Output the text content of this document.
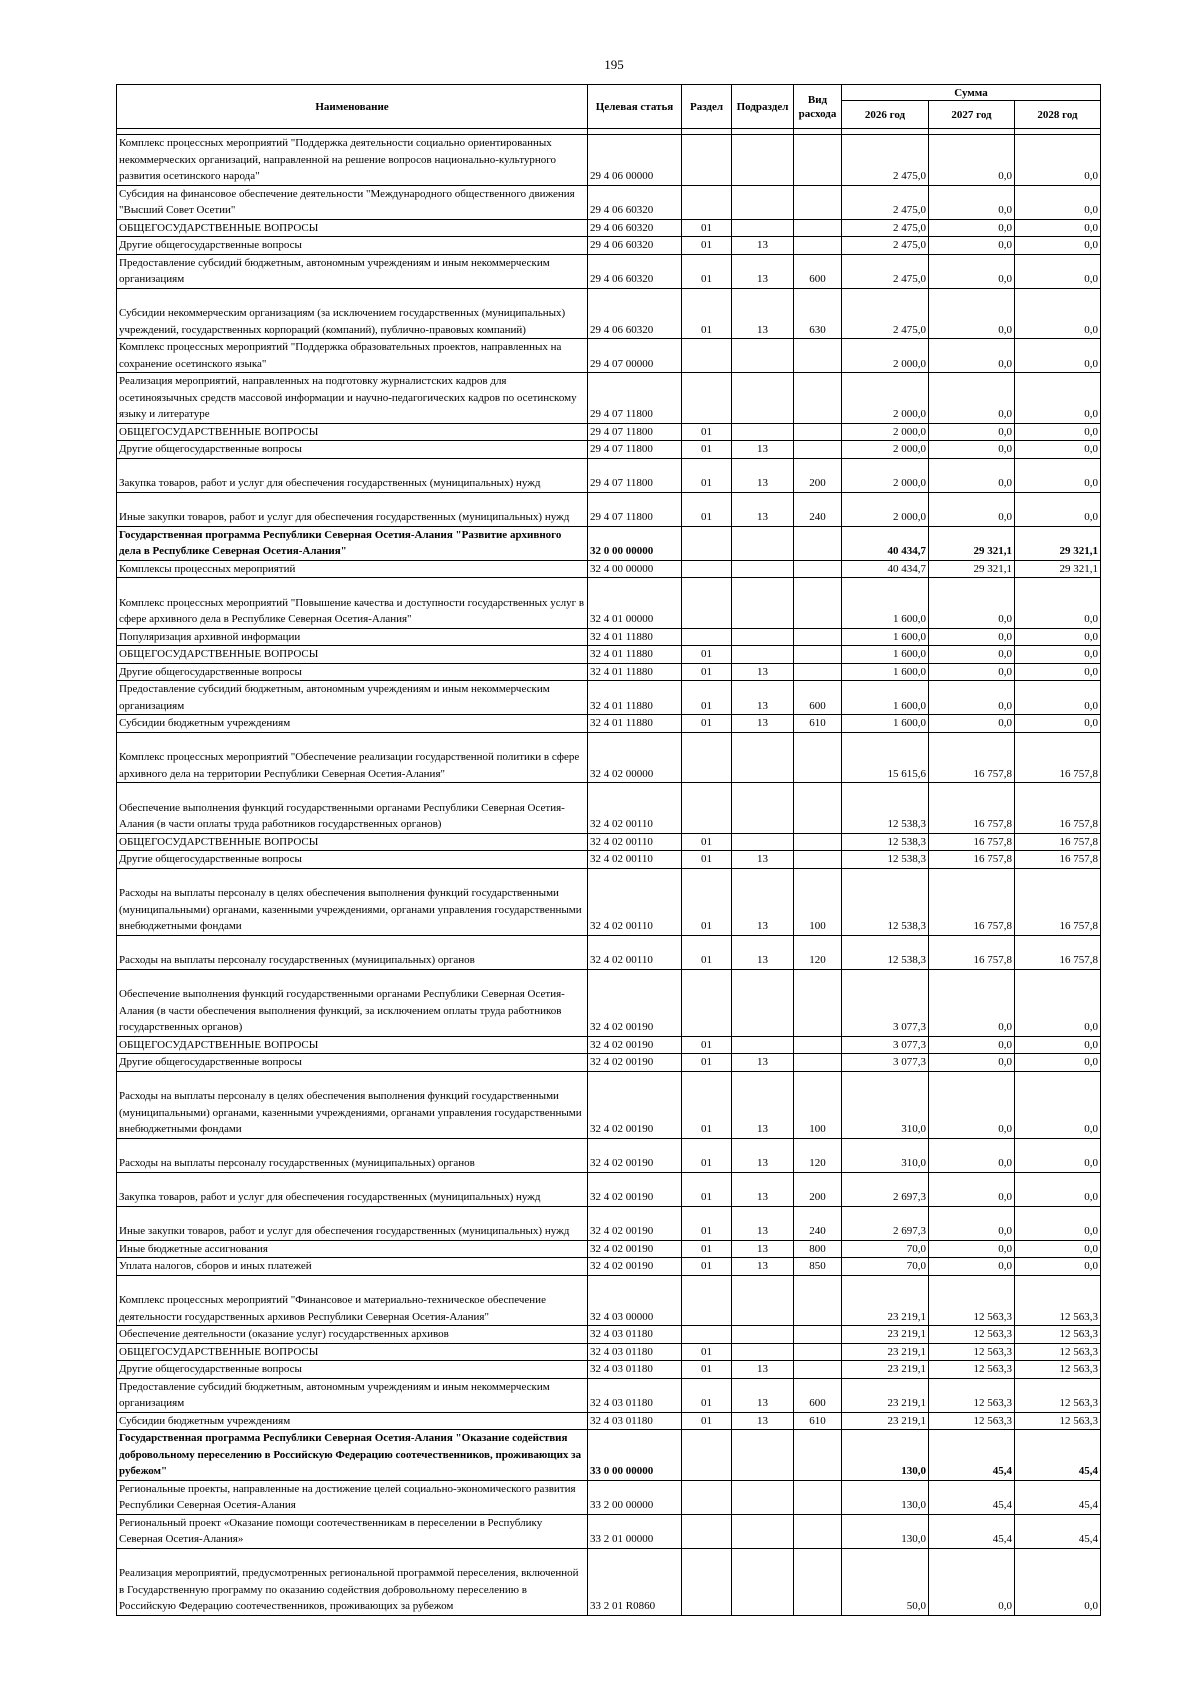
195
Наименование	Целевая статья	Раздел	Подраздел	Вид расхода	Сумма		
					2026 год	2027 год	2028 год

Комплекс процессных мероприятий "Поддержка деятельности социально ориентированных некоммерческих организаций, направленной на решение вопросов национально-культурного развития осетинского народа"	29 4 06 00000				2 475,0	0,0	0,0
Субсидия на финансовое обеспечение деятельности "Международного общественного движения "Высший Совет Осетии"	29 4 06 60320				2 475,0	0,0	0,0
ОБЩЕГОСУДАРСТВЕННЫЕ ВОПРОСЫ	29 4 06 60320	01			2 475,0	0,0	0,0
Другие общегосударственные вопросы	29 4 06 60320	01	13		2 475,0	0,0	0,0
Предоставление субсидий бюджетным, автономным учреждениям и иным некоммерческим организациям	29 4 06 60320	01	13	600	2 475,0	0,0	0,0
Субсидии некоммерческим организациям (за исключением государственных (муниципальных) учреждений, государственных корпораций (компаний), публично-правовых компаний)	29 4 06 60320	01	13	630	2 475,0	0,0	0,0
Комплекс процессных мероприятий "Поддержка образовательных проектов, направленных на сохранение осетинского языка"	29 4 07 00000				2 000,0	0,0	0,0
Реализация мероприятий, направленных на подготовку журналистских кадров для осетиноязычных средств массовой информации и научно-педагогических кадров по осетинскому языку и литературе	29 4 07 11800				2 000,0	0,0	0,0
ОБЩЕГОСУДАРСТВЕННЫЕ ВОПРОСЫ	29 4 07 11800	01			2 000,0	0,0	0,0
Другие общегосударственные вопросы	29 4 07 11800	01	13		2 000,0	0,0	0,0
Закупка товаров, работ и услуг для обеспечения государственных (муниципальных) нужд	29 4 07 11800	01	13	200	2 000,0	0,0	0,0
Иные закупки товаров, работ и услуг для обеспечения государственных (муниципальных) нужд	29 4 07 11800	01	13	240	2 000,0	0,0	0,0
Государственная программа Республики Северная Осетия-Алания "Развитие архивного дела в Республике Северная Осетия-Алания"	32 0 00 00000				40 434,7	29 321,1	29 321,1
Комплексы процессных мероприятий	32 4 00 00000				40 434,7	29 321,1	29 321,1
Комплекс процессных мероприятий "Повышение качества и доступности государственных услуг в сфере архивного дела в Республике Северная Осетия-Алания"	32 4 01 00000				1 600,0	0,0	0,0
Популяризация архивной информации	32 4 01 11880				1 600,0	0,0	0,0
ОБЩЕГОСУДАРСТВЕННЫЕ ВОПРОСЫ	32 4 01 11880	01			1 600,0	0,0	0,0
Другие общегосударственные вопросы	32 4 01 11880	01	13		1 600,0	0,0	0,0
Предоставление субсидий бюджетным, автономным учреждениям и иным некоммерческим организациям	32 4 01 11880	01	13	600	1 600,0	0,0	0,0
Субсидии бюджетным учреждениям	32 4 01 11880	01	13	610	1 600,0	0,0	0,0
Комплекс процессных мероприятий "Обеспечение реализации государственной политики в сфере архивного дела на территории Республики Северная Осетия-Алания"	32 4 02 00000				15 615,6	16 757,8	16 757,8
Обеспечение выполнения функций государственными органами Республики Северная Осетия-Алания (в части оплаты труда работников государственных органов)	32 4 02 00110				12 538,3	16 757,8	16 757,8
ОБЩЕГОСУДАРСТВЕННЫЕ ВОПРОСЫ	32 4 02 00110	01			12 538,3	16 757,8	16 757,8
Другие общегосударственные вопросы	32 4 02 00110	01	13		12 538,3	16 757,8	16 757,8
Расходы на выплаты персоналу в целях обеспечения выполнения функций государственными (муниципальными) органами, казенными учреждениями, органами управления государственными внебюджетными фондами	32 4 02 00110	01	13	100	12 538,3	16 757,8	16 757,8
Расходы на выплаты персоналу государственных (муниципальных) органов	32 4 02 00110	01	13	120	12 538,3	16 757,8	16 757,8
Обеспечение выполнения функций государственными органами Республики Северная Осетия-Алания (в части обеспечения выполнения функций, за исключением оплаты труда работников государственных органов)	32 4 02 00190				3 077,3	0,0	0,0
ОБЩЕГОСУДАРСТВЕННЫЕ ВОПРОСЫ	32 4 02 00190	01			3 077,3	0,0	0,0
Другие общегосударственные вопросы	32 4 02 00190	01	13		3 077,3	0,0	0,0
Расходы на выплаты персоналу в целях обеспечения выполнения функций государственными (муниципальными) органами, казенными учреждениями, органами управления государственными внебюджетными фондами	32 4 02 00190	01	13	100	310,0	0,0	0,0
Расходы на выплаты персоналу государственных (муниципальных) органов	32 4 02 00190	01	13	120	310,0	0,0	0,0
Закупка товаров, работ и услуг для обеспечения государственных (муниципальных) нужд	32 4 02 00190	01	13	200	2 697,3	0,0	0,0
Иные закупки товаров, работ и услуг для обеспечения государственных (муниципальных) нужд	32 4 02 00190	01	13	240	2 697,3	0,0	0,0
Иные бюджетные ассигнования	32 4 02 00190	01	13	800	70,0	0,0	0,0
Уплата налогов, сборов и иных платежей	32 4 02 00190	01	13	850	70,0	0,0	0,0
Комплекс процессных мероприятий "Финансовое и материально-техническое обеспечение деятельности государственных архивов Республики Северная Осетия-Алания"	32 4 03 00000				23 219,1	12 563,3	12 563,3
Обеспечение деятельности (оказание услуг) государственных архивов	32 4 03 01180				23 219,1	12 563,3	12 563,3
ОБЩЕГОСУДАРСТВЕННЫЕ ВОПРОСЫ	32 4 03 01180	01			23 219,1	12 563,3	12 563,3
Другие общегосударственные вопросы	32 4 03 01180	01	13		23 219,1	12 563,3	12 563,3
Предоставление субсидий бюджетным, автономным учреждениям и иным некоммерческим организациям	32 4 03 01180	01	13	600	23 219,1	12 563,3	12 563,3
Субсидии бюджетным учреждениям	32 4 03 01180	01	13	610	23 219,1	12 563,3	12 563,3
Государственная программа Республики Северная Осетия-Алания "Оказание содействия добровольному переселению в Российскую Федерацию соотечественников, проживающих за рубежом"	33 0 00 00000				130,0	45,4	45,4
Региональные проекты, направленные на достижение целей социально-экономического развития Республики Северная Осетия-Алания	33 2 00 00000				130,0	45,4	45,4
Региональный проект «Оказание помощи соотечественникам в переселении в Республику Северная Осетия-Алания»	33 2 01 00000				130,0	45,4	45,4
Реализация мероприятий, предусмотренных региональной программой переселения, включенной в Государственную программу по оказанию содействия добровольному переселению в Российскую Федерацию соотечественников, проживающих за рубежом	33 2 01 R0860				50,0	0,0	0,0
